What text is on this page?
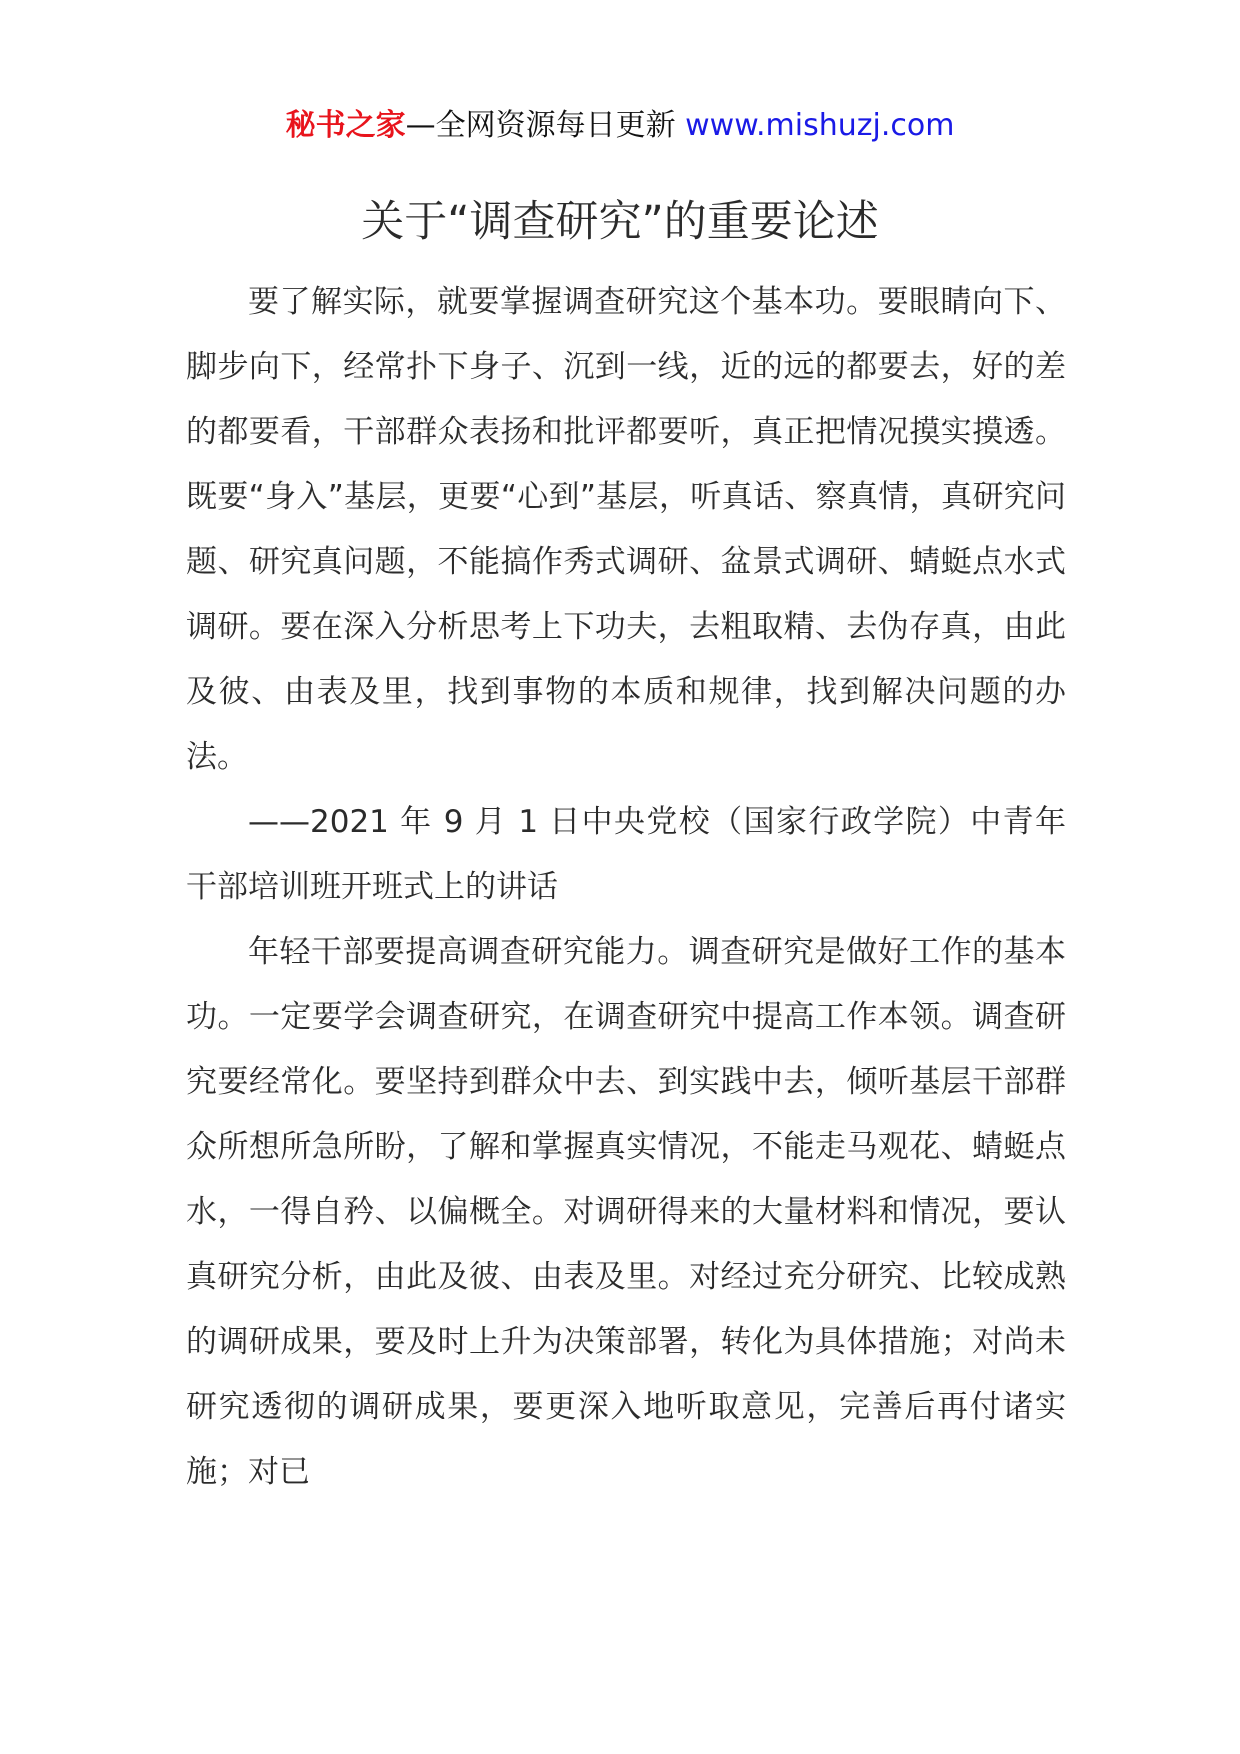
秘书之家—全网资源每日更新 www.mishuzj.com
关于“调查研究”的重要论述

要了解实际，就要掌握调查研究这个基本功。要眼睛向下、脚步向下，经常扑下身子、沉到一线，近的远的都要去，好的差的都要看，干部群众表扬和批评都要听，真正把情况摸实摸透。既要“身入”基层，更要“心到”基层，听真话、察真情，真研究问题、研究真问题，不能搞作秀式调研、盆景式调研、蜻蜓点水式调研。要在深入分析思考上下功夫，去粗取精、去伪存真，由此及彼、由表及里，找到事物的本质和规律，找到解决问题的办法。

——2021 年 9 月 1 日中央党校（国家行政学院）中青年干部培训班开班式上的讲话

年轻干部要提高调查研究能力。调查研究是做好工作的基本功。一定要学会调查研究，在调查研究中提高工作本领。调查研究要经常化。要坚持到群众中去、到实践中去，倾听基层干部群众所想所急所盼，了解和掌握真实情况，不能走马观花、蜻蜓点水，一得自矜、以偏概全。对调研得来的大量材料和情况，要认真研究分析，由此及彼、由表及里。对经过充分研究、比较成熟的调研成果，要及时上升为决策部署，转化为具体措施；对尚未研究透彻的调研成果，要更深入地听取意见，完善后再付诸实施；对已
